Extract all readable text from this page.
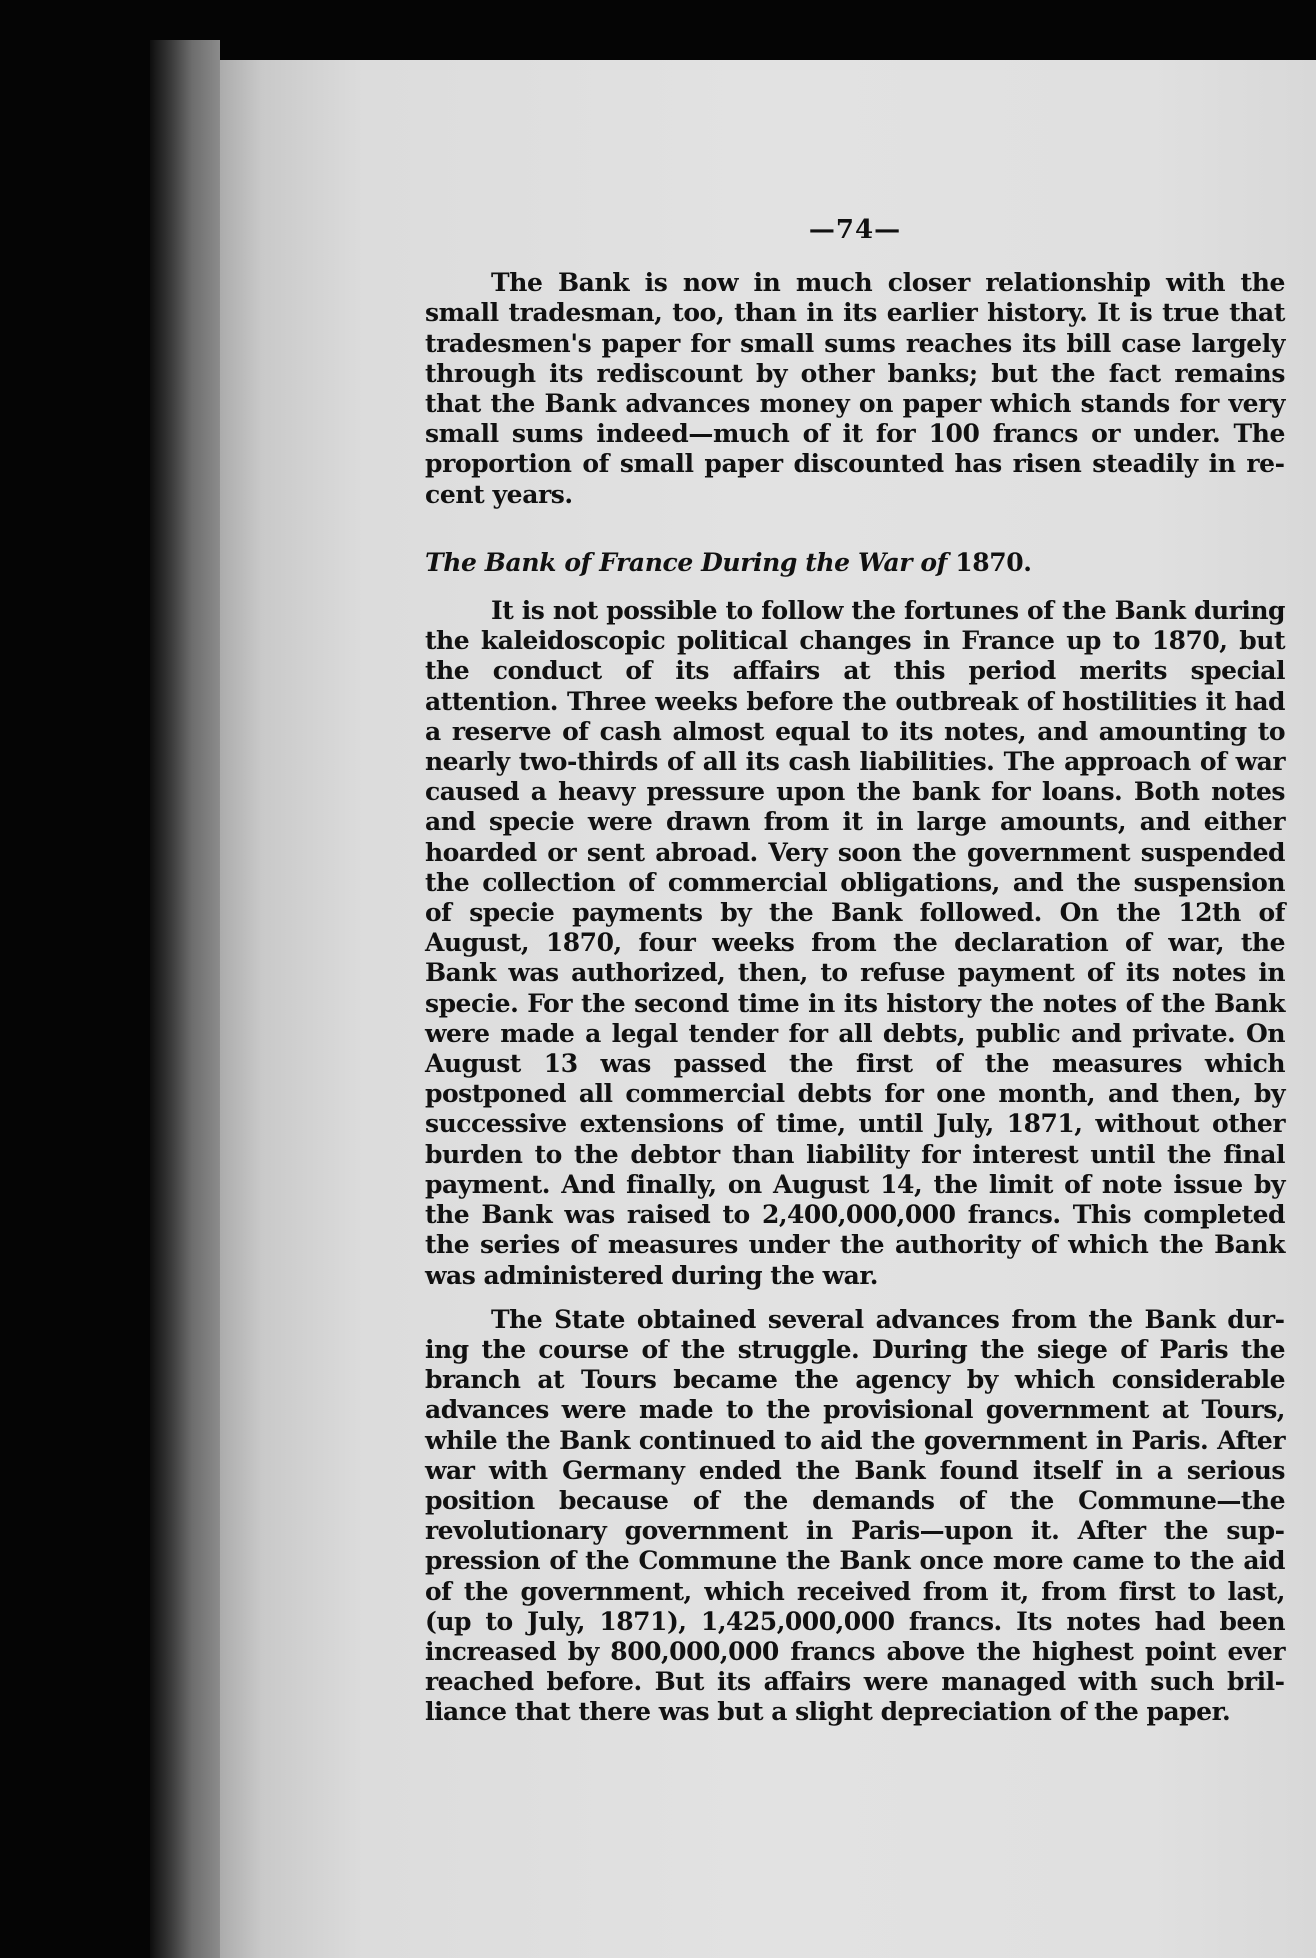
—74—

The Bank is now in much closer relationship with the small tradesman, too, than in its earlier history. It is true that tradesmen's paper for small sums reaches its bill case largely through its rediscount by other banks; but the fact remains that the Bank advances money on paper which stands for very small sums indeed—much of it for 100 francs or under. The proportion of small paper discounted has risen steadily in recent years.

The Bank of France During the War of 1870.

It is not possible to follow the fortunes of the Bank during the kaleidoscopic political changes in France up to 1870, but the conduct of its affairs at this period merits special attention. Three weeks before the outbreak of hostilities it had a reserve of cash almost equal to its notes, and amounting to nearly two-thirds of all its cash liabilities. The approach of war caused a heavy pressure upon the bank for loans. Both notes and specie were drawn from it in large amounts, and either hoarded or sent abroad. Very soon the government suspended the collection of commercial obligations, and the suspension of specie payments by the Bank followed. On the 12th of August, 1870, four weeks from the declaration of war, the Bank was authorized, then, to refuse payment of its notes in specie. For the second time in its history the notes of the Bank were made a legal tender for all debts, public and private. On August 13 was passed the first of the measures which postponed all commercial debts for one month, and then, by successive extensions of time, until July, 1871, without other burden to the debtor than liability for interest until the final payment. And finally, on August 14, the limit of note issue by the Bank was raised to 2,400,000,000 francs. This completed the series of measures under the authority of which the Bank was administered during the war.

The State obtained several advances from the Bank during the course of the struggle. During the siege of Paris the branch at Tours became the agency by which considerable advances were made to the provisional government at Tours, while the Bank continued to aid the government in Paris. After war with Germany ended the Bank found itself in a serious position because of the demands of the Commune—the revolutionary government in Paris—upon it. After the suppression of the Commune the Bank once more came to the aid of the government, which received from it, from first to last, (up to July, 1871), 1,425,000,000 francs. Its notes had been increased by 800,000,000 francs above the highest point ever reached before. But its affairs were managed with such brilliance that there was but a slight depreciation of the paper.
